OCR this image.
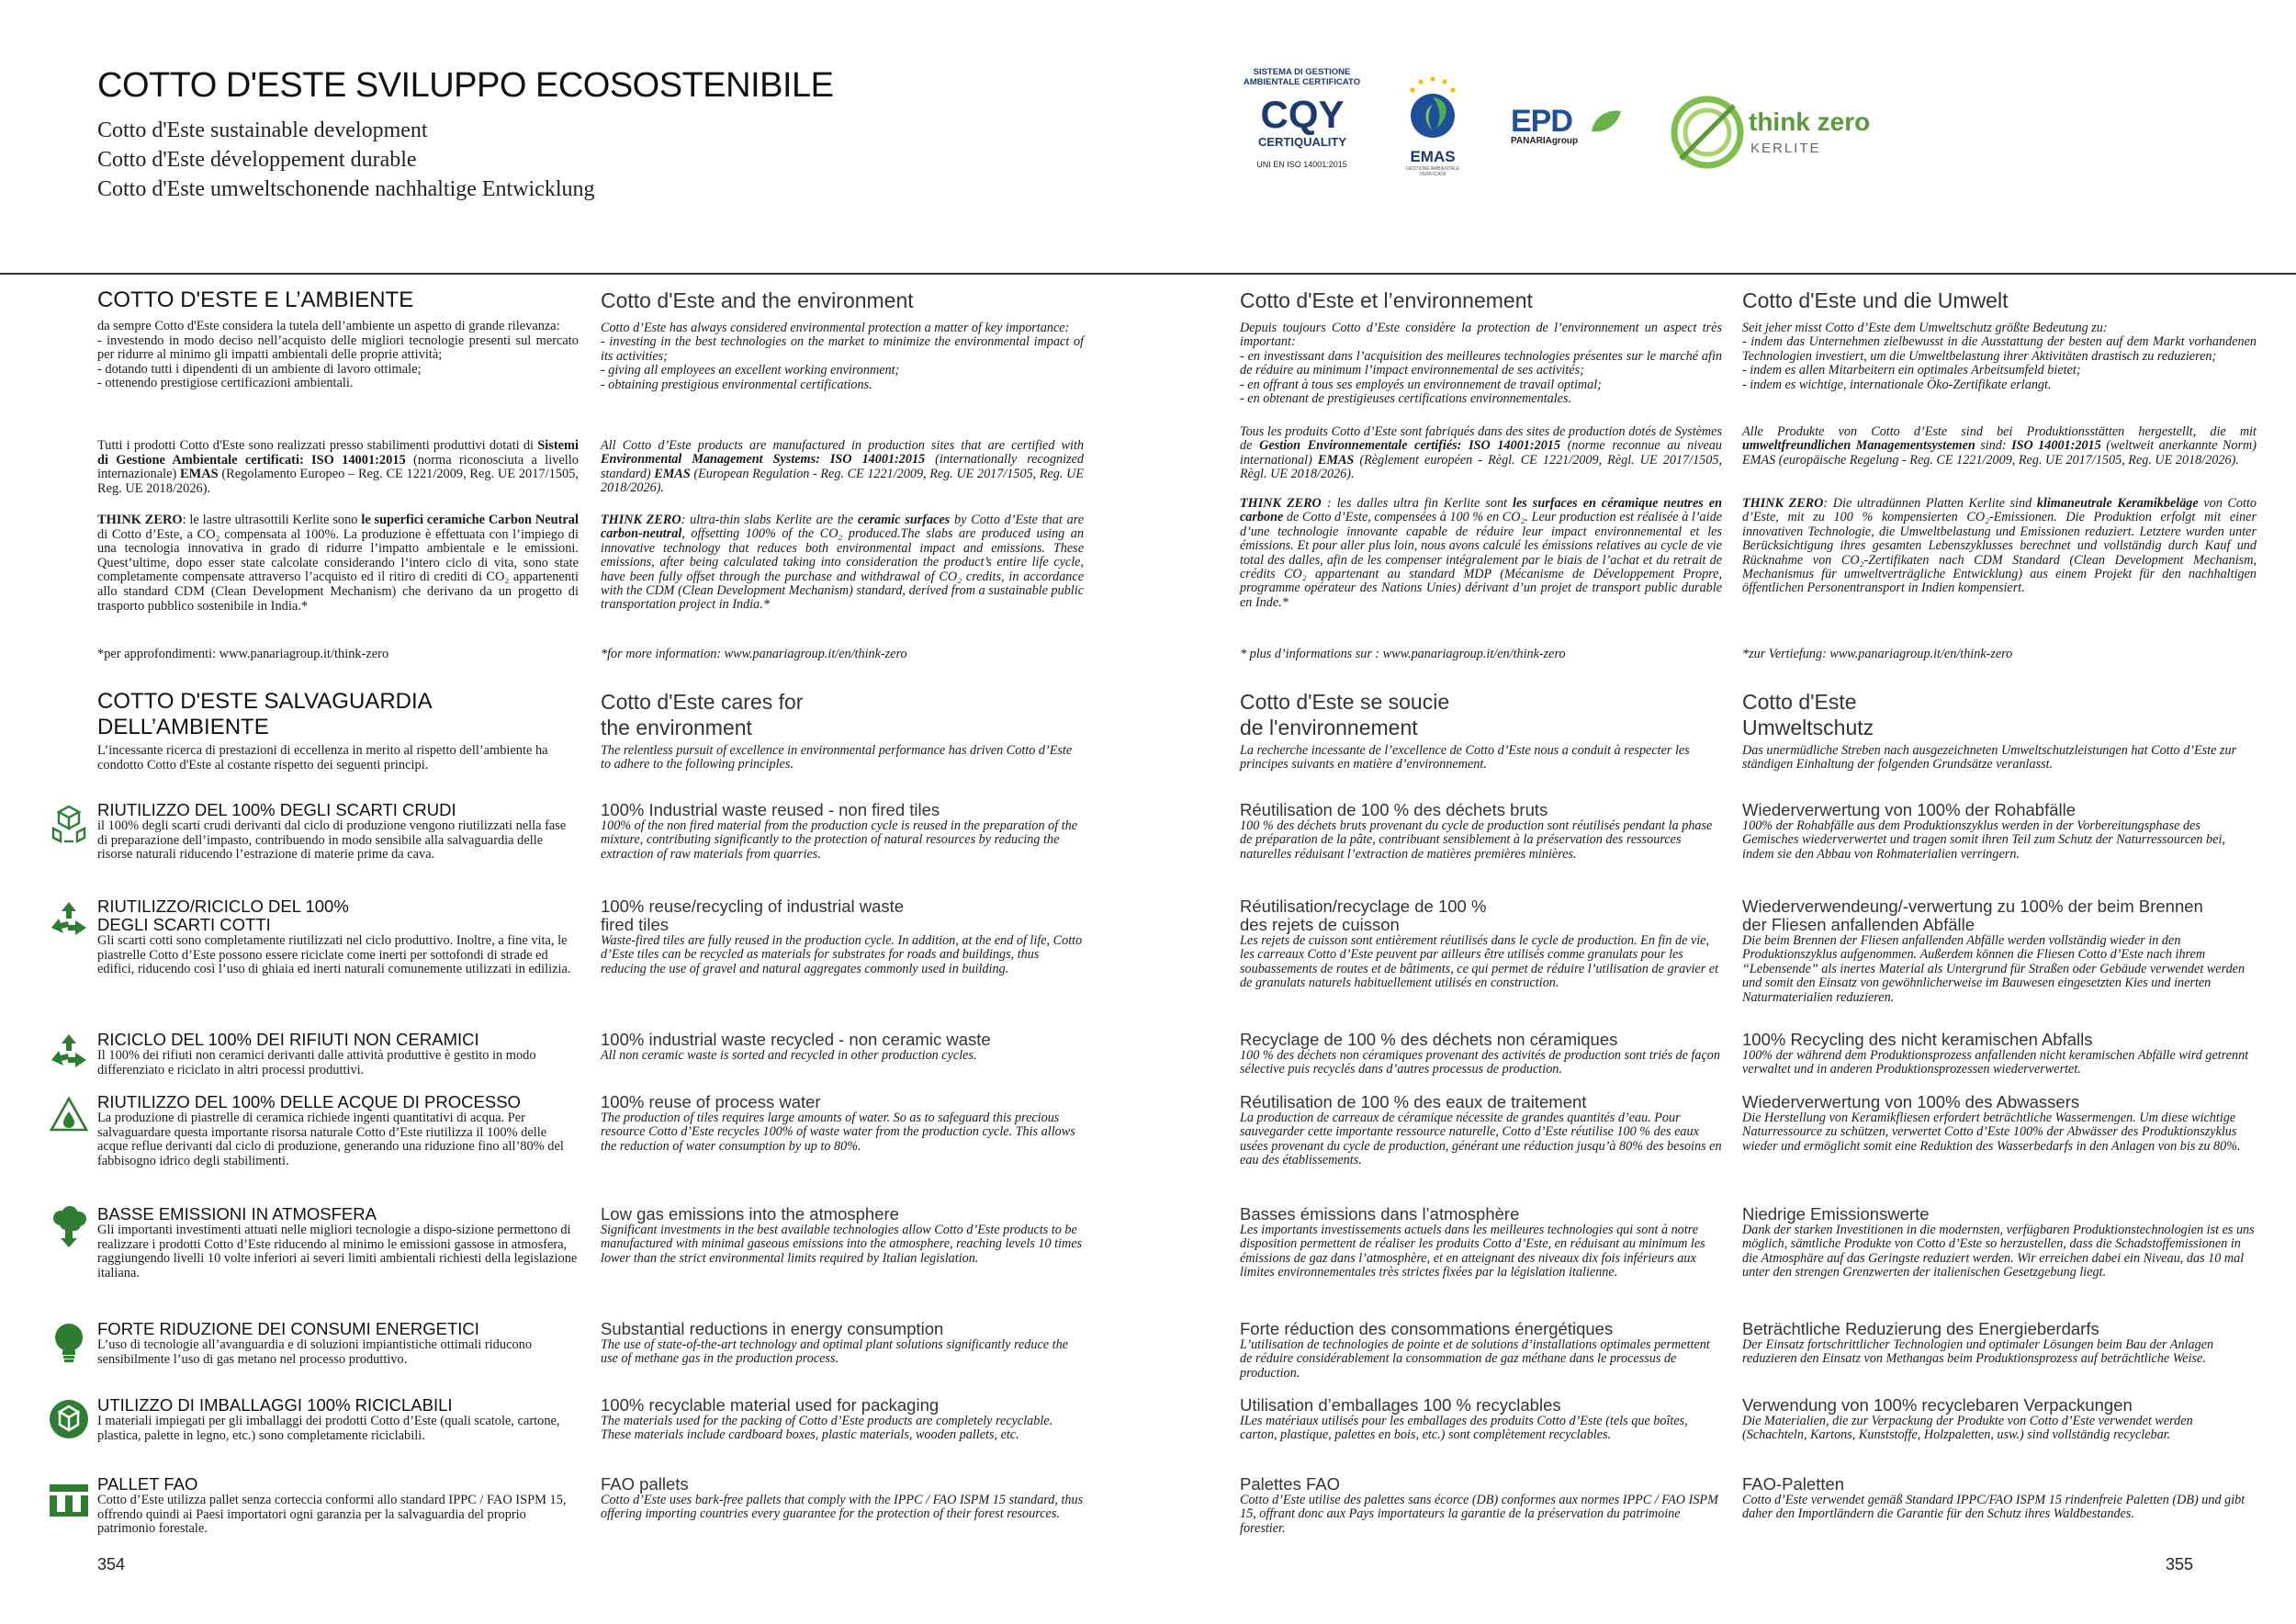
COTTO D'ESTE SVILUPPO ECOSOSTENIBILE
Cotto d'Este sustainable development
Cotto d'Este développement durable
Cotto d'Este umweltschonende nachhaltige Entwicklung
SISTEMA DI GESTIONE AMBIENTALE CERTIFICATO
CQY
CERTIQUALITY
UNI EN ISO 14001:2015	EMAS
GESTIONE AMBIENTALE VERIFICATA
EPD
PANARIAgroup
think zero
KERLITE
COTTO D'ESTE E L’AMBIENTE

da sempre Cotto d'Este considera la tutela dell’ambiente un aspetto di grande rilevanza:
- investendo in modo deciso nell’acquisto delle migliori tecnologie presenti sul mercato per ridurre al minimo gli impatti ambientali delle proprie attività;
- dotando tutti i dipendenti di un ambiente di lavoro ottimale;
- ottenendo prestigiose certificazioni ambientali.

Tutti i prodotti Cotto d'Este sono realizzati presso stabilimenti produttivi dotati di Sistemi di Gestione Ambientale certificati: ISO 14001:2015 (norma riconosciuta a livello internazionale) EMAS (Regolamento Europeo – Reg. CE 1221/2009, Reg. UE 2017/1505, Reg. UE 2018/2026).

THINK ZERO: le lastre ultrasottili Kerlite sono le superfici ceramiche Carbon Neutral di Cotto d’Este, a CO₂ compensata al 100%. La produzione è effettuata con l’impiego di una tecnologia innovativa in grado di ridurre l’impatto ambientale e le emissioni. Quest’ultime, dopo esser state calcolate considerando l’intero ciclo di vita, sono state completamente compensate attraverso l’acquisto ed il ritiro di crediti di CO₂ appartenenti allo standard CDM (Clean Development Mechanism) che derivano da un progetto di trasporto pubblico sostenibile in India.*

*per approfondimenti: www.panariagroup.it/think-zero

COTTO D'ESTE SALVAGUARDIA
DELL’AMBIENTE

L’incessante ricerca di prestazioni di eccellenza in merito al rispetto dell’ambiente ha condotto Cotto d'Este al costante rispetto dei seguenti principi.

RIUTILIZZO DEL 100% DEGLI SCARTI CRUDI

il 100% degli scarti crudi derivanti dal ciclo di produzione vengono riutilizzati nella fase di preparazione dell’impasto, contribuendo in modo sensibile alla salvaguardia delle risorse naturali riducendo l’estrazione di materie prime da cava.

RIUTILIZZO/RICICLO DEL 100%
DEGLI SCARTI COTTI

Gli scarti cotti sono completamente riutilizzati nel ciclo produttivo. Inoltre, a fine vita, le piastrelle Cotto d’Este possono essere riciclate come inerti per sottofondi di strade ed edifici, riducendo così l’uso di ghiaia ed inerti naturali comunemente utilizzati in edilizia.

RICICLO DEL 100% DEI RIFIUTI NON CERAMICI

Il 100% dei rifiuti non ceramici derivanti dalle attività produttive è gestito in modo differenziato e riciclato in altri processi produttivi.

RIUTILIZZO DEL 100% DELLE ACQUE DI PROCESSO

La produzione di piastrelle di ceramica richiede ingenti quantitativi di acqua. Per salvaguardare questa importante risorsa naturale Cotto d’Este riutilizza il 100% delle acque reflue derivanti dal ciclo di produzione, generando una riduzione fino all’80% del fabbisogno idrico degli stabilimenti.

BASSE EMISSIONI IN ATMOSFERA

Gli importanti investimenti attuati nelle migliori tecnologie a dispo-sizione permettono di realizzare i prodotti Cotto d’Este riducendo al minimo le emissioni gassose in atmosfera, raggiungendo livelli 10 volte inferiori ai severi limiti ambientali richiesti della legislazione italiana.

FORTE RIDUZIONE DEI CONSUMI ENERGETICI

L’uso di tecnologie all’avanguardia e di soluzioni impiantistiche ottimali riducono sensibilmente l’uso di gas metano nel processo produttivo.

UTILIZZO DI IMBALLAGGI 100% RICICLABILI

I materiali impiegati per gli imballaggi dei prodotti Cotto d’Este (quali scatole, cartone, plastica, palette in legno, etc.) sono completamente riciclabili.

PALLET FAO

Cotto d’Este utilizza pallet senza corteccia conformi allo standard IPPC / FAO ISPM 15, offrendo quindi ai Paesi importatori ogni garanzia per la salvaguardia del proprio patrimonio forestale.

Cotto d'Este and the environment

Cotto d’Este has always considered environmental protection a matter of key importance:
- investing in the best technologies on the market to minimize the environmental impact of its activities;
- giving all employees an excellent working environment;
- obtaining prestigious environmental certifications.

All Cotto d’Este products are manufactured in production sites that are certified with Environmental Management Systems: ISO 14001:2015 (internationally recognized standard) EMAS (European Regulation - Reg. CE 1221/2009, Reg. UE 2017/1505, Reg. UE 2018/2026).

THINK ZERO: ultra-thin slabs Kerlite are the ceramic surfaces by Cotto d’Este that are carbon-neutral, offsetting 100% of the CO₂ produced.The slabs are produced using an innovative technology that reduces both environmental impact and emissions. These emissions, after being calculated taking into consideration the product’s entire life cycle, have been fully offset through the purchase and withdrawal of CO₂ credits, in accordance with the CDM (Clean Development Mechanism) standard, derived from a sustainable public transportation project in India.*

*for more information: www.panariagroup.it/en/think-zero

Cotto d'Este cares for
the environment

The relentless pursuit of excellence in environmental performance has driven Cotto d’Este to adhere to the following principles.

100% Industrial waste reused - non fired tiles

100% of the non fired material from the production cycle is reused in the preparation of the mixture, contributing significantly to the protection of natural resources by reducing the extraction of raw materials from quarries.

100% reuse/recycling of industrial waste
fired tiles

Waste-fired tiles are fully reused in the production cycle. In addition, at the end of life, Cotto d’Este tiles can be recycled as materials for substrates for roads and buildings, thus reducing the use of gravel and natural aggregates commonly used in building.

100% industrial waste recycled - non ceramic waste

All non ceramic waste is sorted and recycled in other production cycles.

100% reuse of process water

The production of tiles requires large amounts of water. So as to safeguard this precious resource Cotto d’Este recycles 100% of waste water from the production cycle. This allows the reduction of water consumption by up to 80%.

Low gas emissions into the atmosphere

Significant investments in the best available technologies allow Cotto d’Este products to be manufactured with minimal gaseous emissions into the atmosphere, reaching levels 10 times lower than the strict environmental limits required by Italian legislation.

Substantial reductions in energy consumption

The use of state-of-the-art technology and optimal plant solutions significantly reduce the use of methane gas in the production process.

100% recyclable material used for packaging

The materials used for the packing of Cotto d’Este products are completely recyclable. These materials include cardboard boxes, plastic materials, wooden pallets, etc.

FAO pallets

Cotto d’Este uses bark-free pallets that comply with the IPPC / FAO ISPM 15 standard, thus offering importing countries every guarantee for the protection of their forest resources.

Cotto d'Este et l’environnement

Depuis toujours Cotto d’Este considère la protection de l’environnement un aspect très important:
- en investissant dans l’acquisition des meilleures technologies présentes sur le marché afin de réduire au minimum l’impact environnemental de ses activités;
- en offrant à tous ses employés un environnement de travail optimal;
- en obtenant de prestigieuses certifications environnementales.

Tous les produits Cotto d’Este sont fabriqués dans des sites de production dotés de Systèmes de Gestion Environnementale certifiés: ISO 14001:2015 (norme reconnue au niveau international) EMAS (Règlement européen - Règl. CE 1221/2009, Règl. UE 2017/1505, Règl. UE 2018/2026).

THINK ZERO : les dalles ultra fin Kerlite sont les surfaces en céramique neutres en carbone de Cotto d’Este, compensées à 100 % en CO₂. Leur production est réalisée à l’aide d’une technologie innovante capable de réduire leur impact environnemental et les émissions. Et pour aller plus loin, nous avons calculé les émissions relatives au cycle de vie total des dalles, afin de les compenser intégralement par le biais de l’achat et du retrait de crédits CO₂ appartenant au standard MDP (Mécanisme de Développement Propre, programme opérateur des Nations Unies) dérivant d’un projet de transport public durable en Inde.*

* plus d’informations sur : www.panariagroup.it/en/think-zero

Cotto d'Este se soucie
de l'environnement

La recherche incessante de l’excellence de Cotto d’Este nous a conduit à respecter les principes suivants en matière d’environnement.

Réutilisation de 100 % des déchets bruts

100 % des déchets bruts provenant du cycle de production sont réutilisés pendant la phase de préparation de la pâte, contribuant sensiblement à la préservation des ressources naturelles réduisant l’extraction de matières premières minières.

Réutilisation/recyclage de 100 %
des rejets de cuisson

Les rejets de cuisson sont entièrement réutilisés dans le cycle de production. En fin de vie, les carreaux Cotto d’Este peuvent par ailleurs être utilisés comme granulats pour les soubassements de routes et de bâtiments, ce qui permet de réduire l’utilisation de gravier et de granulats naturels habituellement utilisés en construction.

Recyclage de 100 % des déchets non céramiques

100 % des déchets non céramiques provenant des activités de production sont triés de façon sélective puis recyclés dans d’autres processus de production.

Réutilisation de 100 % des eaux de traitement

La production de carreaux de céramique nécessite de grandes quantités d’eau. Pour sauvegarder cette importante ressource naturelle, Cotto d’Este réutilise 100 % des eaux usées provenant du cycle de production, générant une réduction jusqu’à 80% des besoins en eau des établissements.

Basses émissions dans l’atmosphère

Les importants investissements actuels dans les meilleures technologies qui sont à notre disposition permettent de réaliser les produits Cotto d’Este, en réduisant au minimum les émissions de gaz dans l’atmosphère, et en atteignant des niveaux dix fois inférieurs aux limites environnementales très strictes fixées par la législation italienne.

Forte réduction des consommations énergétiques

L’utilisation de technologies de pointe et de solutions d’installations optimales permettent de réduire considérablement la consommation de gaz méthane dans le processus de production.

Utilisation d’emballages 100 % recyclables

ILes matériaux utilisés pour les emballages des produits Cotto d’Este (tels que boîtes, carton, plastique, palettes en bois, etc.) sont complètement recyclables.

Palettes FAO

Cotto d’Este utilise des palettes sans écorce (DB) conformes aux normes IPPC / FAO ISPM 15, offrant donc aux Pays importateurs la garantie de la préservation du patrimoine forestier.

Cotto d'Este und die Umwelt

Seit jeher misst Cotto d’Este dem Umweltschutz größte Bedeutung zu:
- indem das Unternehmen zielbewusst in die Ausstattung der besten auf dem Markt vorhandenen Technologien investiert, um die Umweltbelastung ihrer Aktivitäten drastisch zu reduzieren;
- indem es allen Mitarbeitern ein optimales Arbeitsumfeld bietet;
- indem es wichtige, internationale Öko-Zertifikate erlangt.

Alle Produkte von Cotto d’Este sind bei Produktionsstätten hergestellt, die mit umweltfreundlichen Managementsystemen sind: ISO 14001:2015 (weltweit anerkannte Norm) EMAS (europäische Regelung - Reg. CE 1221/2009, Reg. UE 2017/1505, Reg. UE 2018/2026).

THINK ZERO: Die ultradünnen Platten Kerlite sind klimaneutrale Keramikbeläge von Cotto d’Este, mit zu 100 % kompensierten CO₂-Emissionen. Die Produktion erfolgt mit einer innovativen Technologie, die Umweltbelastung und Emissionen reduziert. Letztere wurden unter Berücksichtigung ihres gesamten Lebenszyklusses berechnet und vollständig durch Kauf und Rücknahme von CO₂-Zertifikaten nach CDM Standard (Clean Development Mechanism, Mechanismus für umweltverträgliche Entwicklung) aus einem Projekt für den nachhaltigen öffentlichen Personentransport in Indien kompensiert.

*zur Vertiefung: www.panariagroup.it/en/think-zero

Cotto d'Este
Umweltschutz

Das unermüdliche Streben nach ausgezeichneten Umweltschutzleistungen hat Cotto d’Este zur ständigen Einhaltung der folgenden Grundsätze veranlasst.

Wiederverwertung von 100% der Rohabfälle

100% der Rohabfälle aus dem Produktionszyklus werden in der Vorbereitungsphase des Gemisches wiederverwertet und tragen somit ihren Teil zum Schutz der Naturressourcen bei, indem sie den Abbau von Rohmaterialien verringern.

Wiederverwendeung/-verwertung zu 100% der beim Brennen
der Fliesen anfallenden Abfälle

Die beim Brennen der Fliesen anfallenden Abfälle werden vollständig wieder in den Produktionszyklus aufgenommen. Außerdem können die Fliesen Cotto d’Este nach ihrem “Lebensende” als inertes Material als Untergrund für Straßen oder Gebäude verwendet werden und somit den Einsatz von gewöhnlicherweise im Bauwesen eingesetzten Kies und inerten Naturmaterialien reduzieren.

100% Recycling des nicht keramischen Abfalls

100% der während dem Produktionsprozess anfallenden nicht keramischen Abfälle wird getrennt verwaltet und in anderen Produktionsprozessen wiederverwertet.

Wiederverwertung von 100% des Abwassers

Die Herstellung von Keramikfliesen erfordert beträchtliche Wassermengen. Um diese wichtige Naturressource zu schützen, verwertet Cotto d’Este 100% der Abwässer des Produktionszyklus wieder und ermöglicht somit eine Reduktion des Wasserbedarfs in den Anlagen von bis zu 80%.

Niedrige Emissionswerte

Dank der starken Investitionen in die modernsten, verfügbaren Produktionstechnologien ist es uns möglich, sämtliche Produkte von Cotto d’Este so herzustellen, dass die Schadstoffemissionen in die Atmosphäre auf das Geringste reduziert werden. Wir erreichen dabei ein Niveau, das 10 mal unter den strengen Grenzwerten der italienischen Gesetzgebung liegt.

Beträchtliche Reduzierung des Energieberdarfs

Der Einsatz fortschrittlicher Technologien und optimaler Lösungen beim Bau der Anlagen reduzieren den Einsatz von Methangas beim Produktionsprozess auf beträchtliche Weise.

Verwendung von 100% recyclebaren Verpackungen

Die Materialien, die zur Verpackung der Produkte von Cotto d’Este verwendet werden (Schachteln, Kartons, Kunststoffe, Holzpaletten, usw.) sind vollständig recyclebar.

FAO-Paletten

Cotto d’Este verwendet gemäß Standard IPPC/FAO ISPM 15 rindenfreie Paletten (DB) und gibt daher den Importländern die Garantie für den Schutz ihres Waldbestandes.

354	355
